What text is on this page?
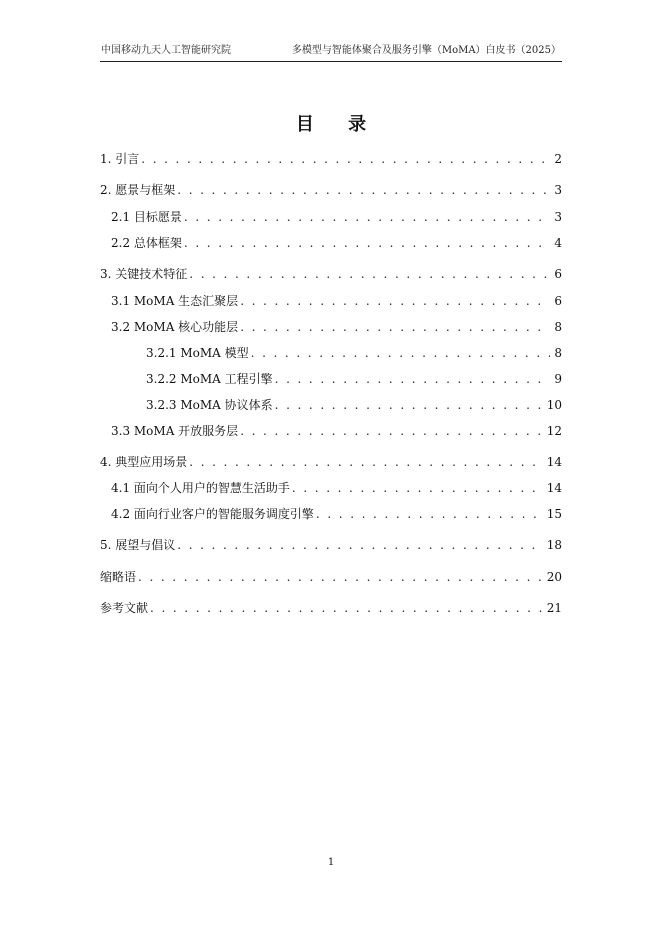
中国移动九天人工智能研究院	多模型与智能体聚合及服务引擎（MoMA）白皮书（2025）
目 录
1. 引言 . . .	2
2. 愿景与框架 . . .	3
2.1 目标愿景 . . .	3
2.2 总体框架 . . .	4
3. 关键技术特征 . . .	6
3.1 MoMA 生态汇聚层 . . .	6
3.2 MoMA 核心功能层 . . .	8
3.2.1 MoMA 模型 . . .	8
3.2.2 MoMA 工程引擎 . . .	9
3.2.3 MoMA 协议体系 . . .	10
3.3 MoMA 开放服务层 . . .	12
4. 典型应用场景 . . .	14
4.1 面向个人用户的智慧生活助手 . . .	14
4.2 面向行业客户的智能服务调度引擎 . . .	15
5. 展望与倡议 . . .	18
缩略语 . . .	20
参考文献 . . .	21
1
